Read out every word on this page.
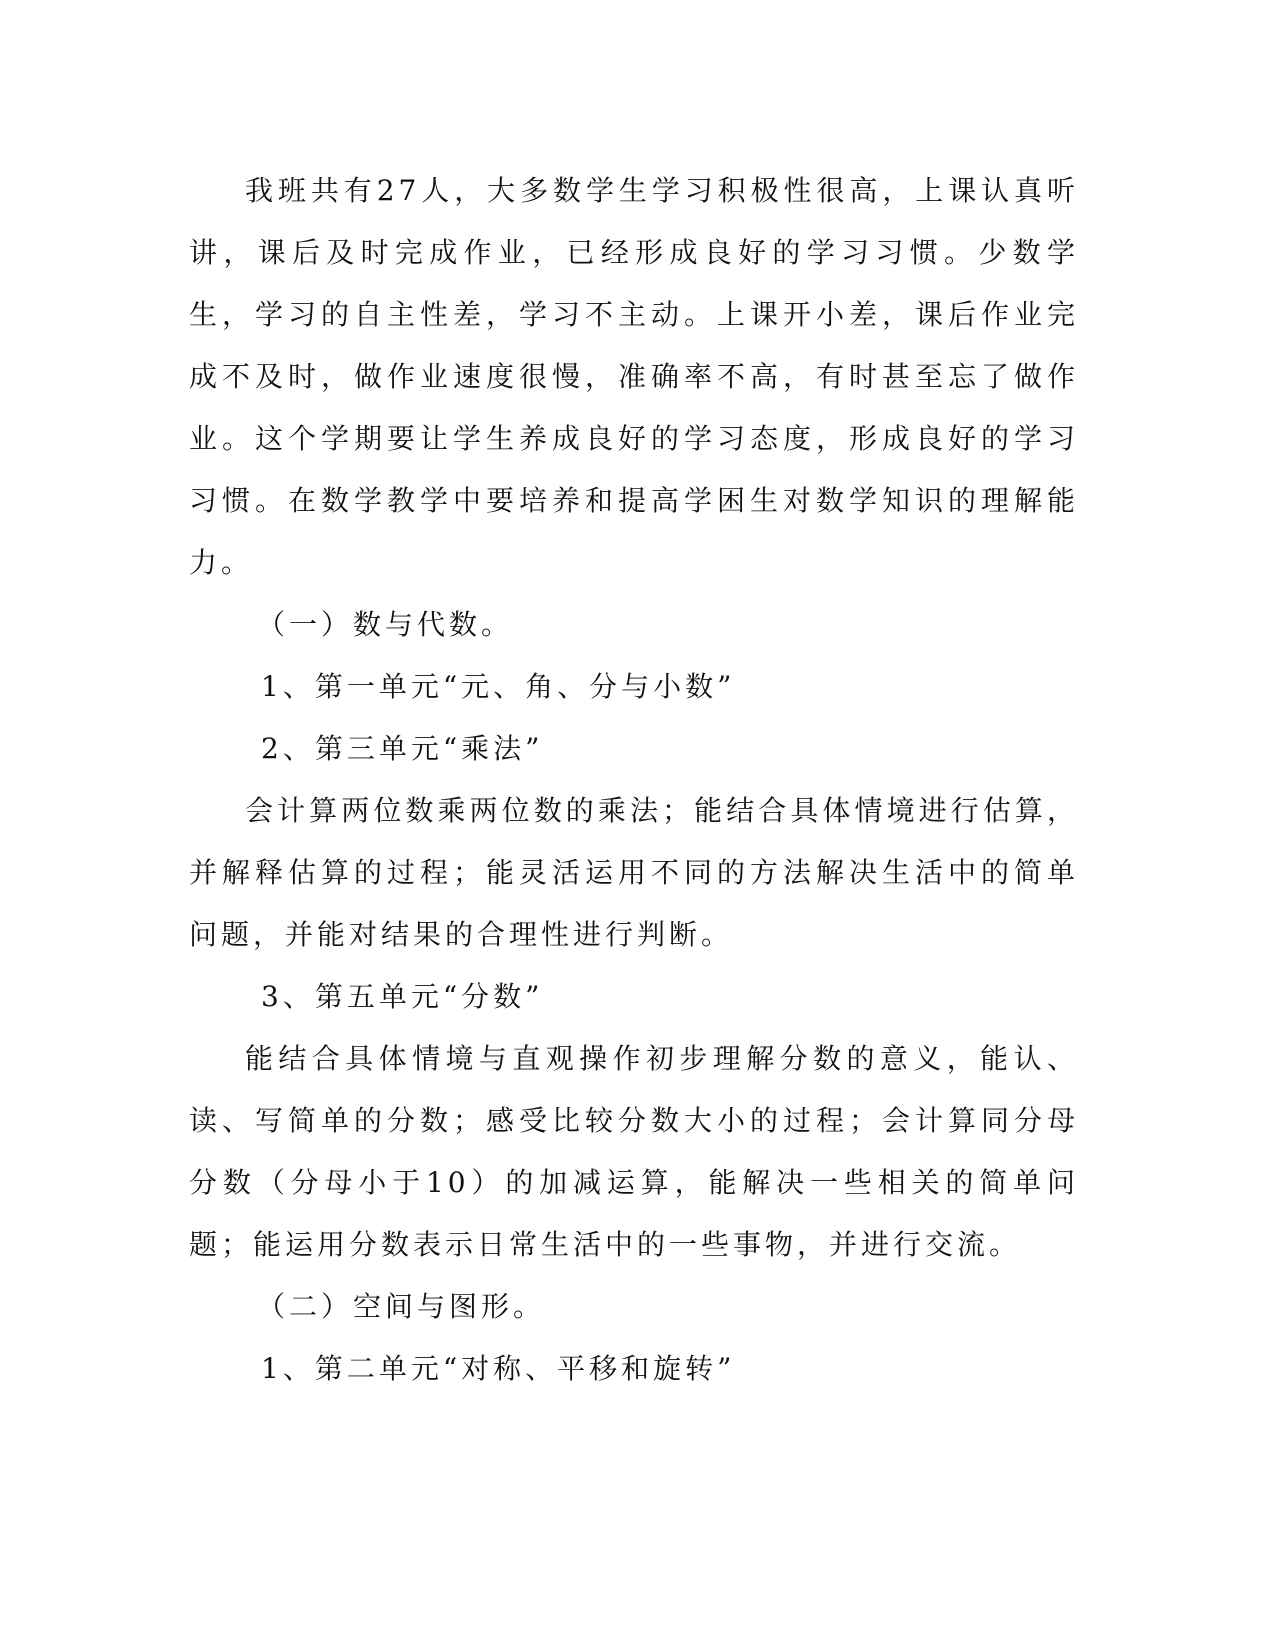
我班共有27人，大多数学生学习积极性很高，上课认真听讲，课后及时完成作业，已经形成良好的学习习惯。少数学生，学习的自主性差，学习不主动。上课开小差，课后作业完成不及时，做作业速度很慢，准确率不高，有时甚至忘了做作业。这个学期要让学生养成良好的学习态度，形成良好的学习习惯。在数学教学中要培养和提高学困生对数学知识的理解能力。

（一）数与代数。

1、第一单元“元、角、分与小数”

2、第三单元“乘法”

会计算两位数乘两位数的乘法；能结合具体情境进行估算，并解释估算的过程；能灵活运用不同的方法解决生活中的简单问题，并能对结果的合理性进行判断。

3、第五单元“分数”

能结合具体情境与直观操作初步理解分数的意义，能认、读、写简单的分数；感受比较分数大小的过程；会计算同分母分数（分母小于10）的加减运算，能解决一些相关的简单问题；能运用分数表示日常生活中的一些事物，并进行交流。

（二）空间与图形。

1、第二单元“对称、平移和旋转”
